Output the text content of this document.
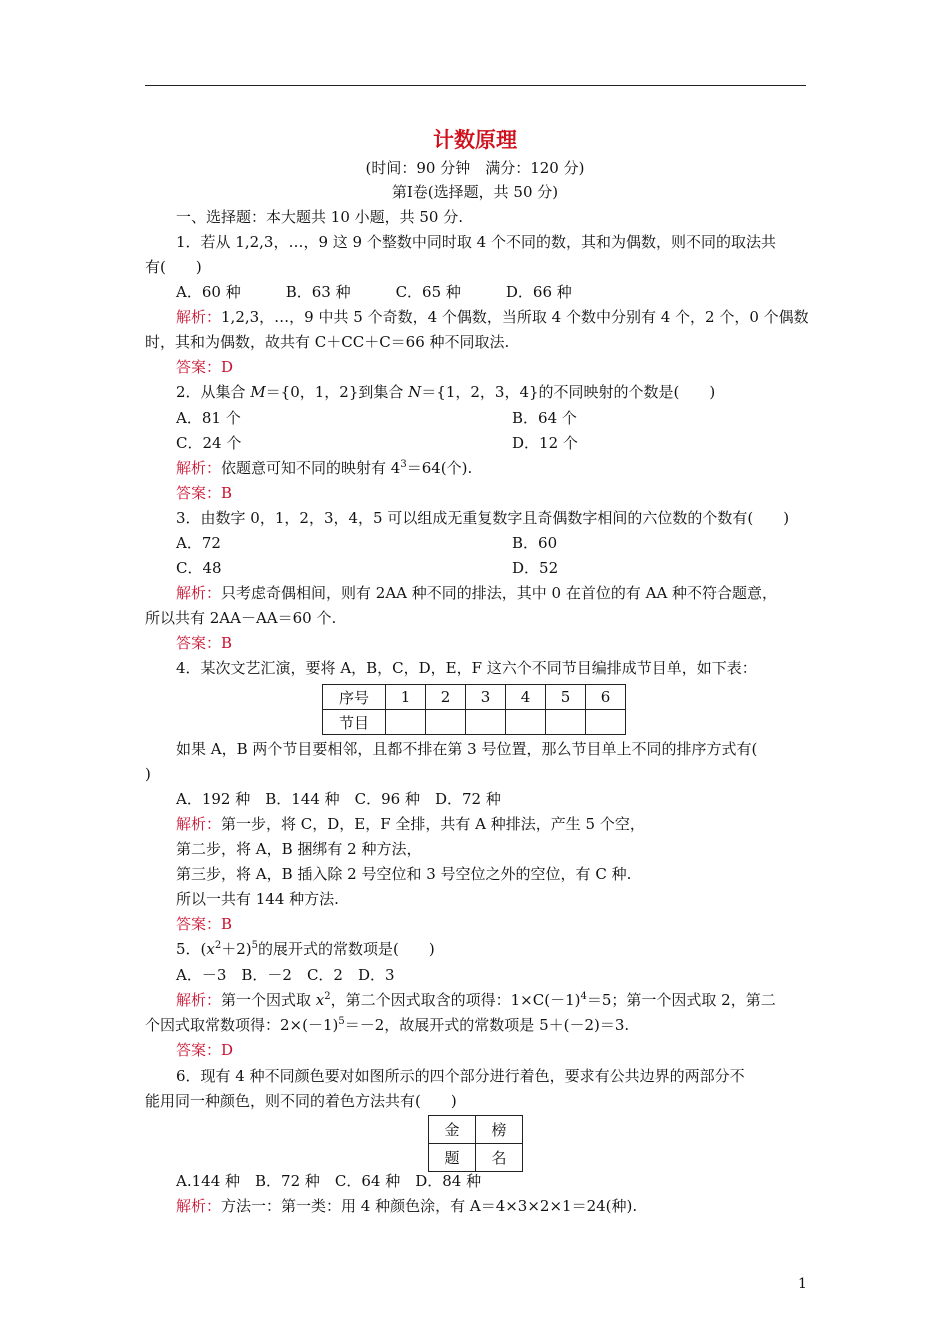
计数原理
(时间：90 分钟　满分：120 分)
第Ⅰ卷(选择题，共 50 分)
一、选择题：本大题共 10 小题，共 50 分.
1．若从 1,2,3，…，9 这 9 个整数中同时取 4 个不同的数，其和为偶数，则不同的取法共
有(　　)
A．60 种　　　B．63 种　　　C．65 种　　　D．66 种
解析：1,2,3，…，9 中共 5 个奇数，4 个偶数，当所取 4 个数中分别有 4 个，2 个，0 个偶数
时，其和为偶数，故共有 C＋CC＋C＝66 种不同取法.
答案：D
2．从集合 M＝{0，1，2}到集合 N＝{1，2，3，4}的不同映射的个数是(　　)
A．81 个	B．64 个
C．24 个	D．12 个
解析：依题意可知不同的映射有 $4^3=64$(个).
答案：B
3．由数字 0，1，2，3，4，5 可以组成无重复数字且奇偶数字相间的六位数的个数有(　　)
A．72	B．60
C．48	D．52
解析：只考虑奇偶相间，则有 2AA 种不同的排法，其中 0 在首位的有 AA 种不符合题意，
所以共有 2AA－AA＝60 个.
答案：B
4．某次文艺汇演，要将 A，B，C，D，E，F 这六个不同节目编排成节目单，如下表：
序号	1	2	3	4	5	6
节目						
如果 A，B 两个节目要相邻，且都不排在第 3 号位置，那么节目单上不同的排序方式有(
)
A．192 种　B．144 种　C．96 种　D．72 种
解析：第一步，将 C，D，E，F 全排，共有 A 种排法，产生 5 个空，
第二步，将 A，B 捆绑有 2 种方法，
第三步，将 A，B 插入除 2 号空位和 3 号空位之外的空位，有 C 种.
所以一共有 144 种方法.
答案：B
5．$(x^2+2)^5$的展开式的常数项是(　　)
A．－3　B．－2　C．2　D．3
解析：第一个因式取 $x^2$，第二个因式取含的项得：$1\times C(-1)^4=5$；第一个因式取 2，第二
个因式取常数项得：$2\times(-1)^5=-2$，故展开式的常数项是 5＋(－2)＝3.
答案：D
6．现有 4 种不同颜色要对如图所示的四个部分进行着色，要求有公共边界的两部分不
能用同一种颜色，则不同的着色方法共有(　　)
金	榜
题	名
A.144 种　B．72 种　C．64 种　D．84 种
解析：方法一：第一类：用 4 种颜色涂，有 A＝4×3×2×1＝24(种).
1
